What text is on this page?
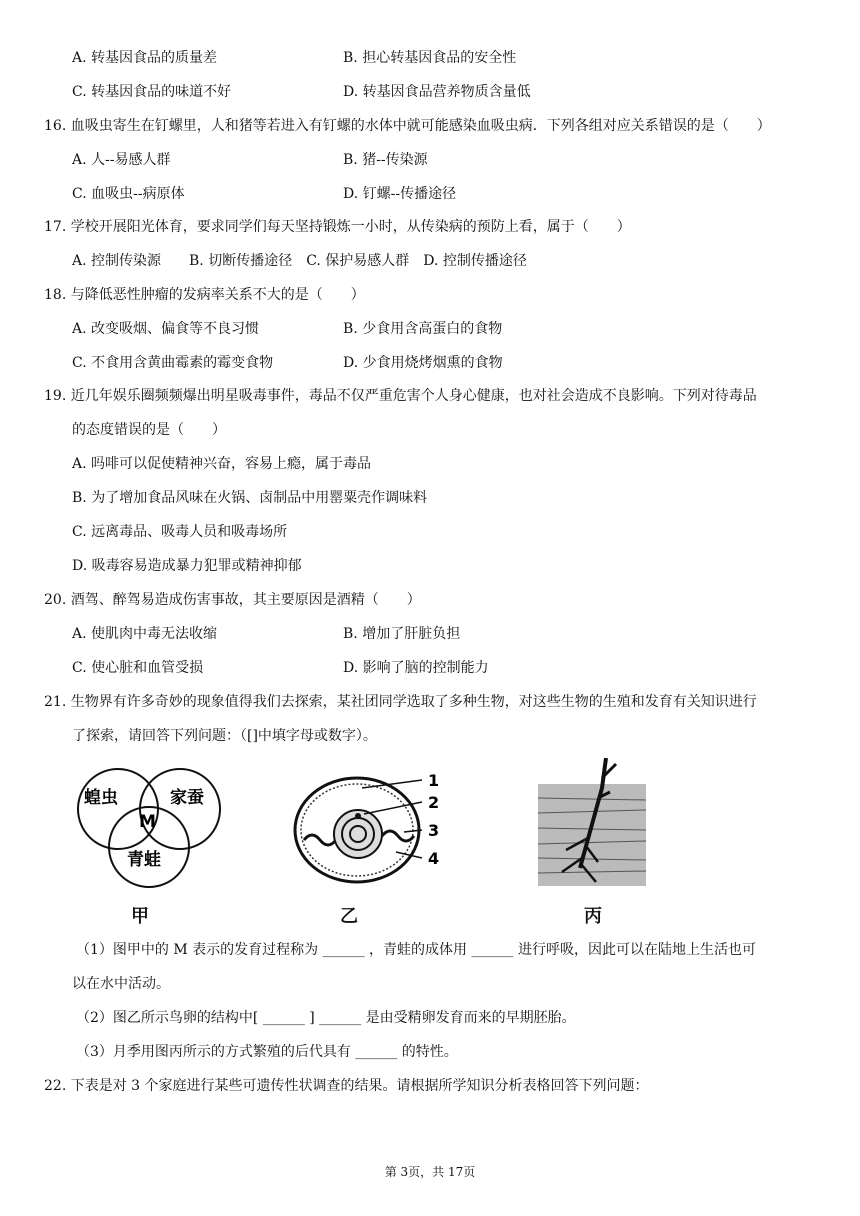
A. 转基因食品的质量差	B. 担心转基因食品的安全性
C. 转基因食品的味道不好	D. 转基因食品营养物质含量低
16. 血吸虫寄生在钉螺里，人和猪等若进入有钉螺的水体中就可能感染血吸虫病．下列各组对应关系错误的是（　　）
A. 人--易感人群	B. 猪--传染源
C. 血吸虫--病原体	D. 钉螺--传播途径
17. 学校开展阳光体育，要求同学们每天坚持锻炼一小时，从传染病的预防上看，属于（　　）
A. 控制传染源　　B. 切断传播途径　C. 保护易感人群　D. 控制传播途径
18. 与降低恶性肿瘤的发病率关系不大的是（　　）
A. 改变吸烟、偏食等不良习惯	B. 少食用含高蛋白的食物
C. 不食用含黄曲霉素的霉变食物	D. 少食用烧烤烟熏的食物
19. 近几年娱乐圈频频爆出明星吸毒事件，毒品不仅严重危害个人身心健康，也对社会造成不良影响。下列对待毒品
的态度错误的是（　　）
A. 吗啡可以促使精神兴奋，容易上瘾，属于毒品
B. 为了增加食品风味在火锅、卤制品中用罂粟壳作调味料
C. 远离毒品、吸毒人员和吸毒场所
D. 吸毒容易造成暴力犯罪或精神抑郁
20. 酒驾、醉驾易造成伤害事故，其主要原因是酒精（　　）
A. 使肌肉中毒无法收缩	B. 增加了肝脏负担
C. 使心脏和血管受损	D. 影响了脑的控制能力
21. 生物界有许多奇妙的现象值得我们去探索，某社团同学选取了多种生物，对这些生物的生殖和发育有关知识进行
了探索，请回答下列问题：（[]中填字母或数字）。
（1）图甲中的 M 表示的发育过程称为 ______ ，青蛙的成体用 ______ 进行呼吸，因此可以在陆地上生活也可
以在水中活动。
（2）图乙所示鸟卵的结构中[ ______ ] ______ 是由受精卵发育而来的早期胚胎。
（3）月季用图丙所示的方式繁殖的后代具有 ______ 的特性。
22. 下表是对 3 个家庭进行某些可遗传性状调查的结果。请根据所学知识分析表格回答下列问题：
蝗虫	家蚕
M
青蛙
甲
1
2
3
4
乙	丙
第 3页，共 17页
